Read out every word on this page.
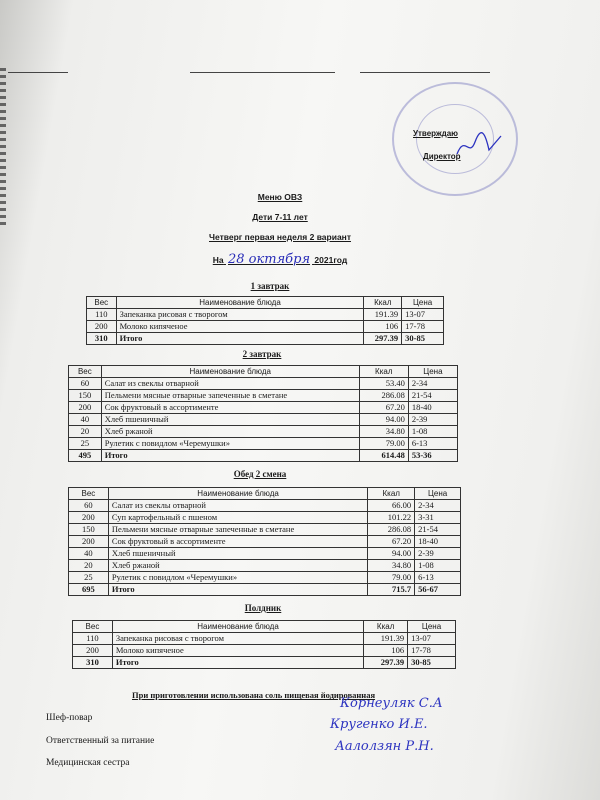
Утверждаю
Директор
Меню ОВЗ
Дети 7-11 лет
Четверг первая неделя 2 вариант
На 28 октября 2021год
1 завтрак
Вес	Наименование блюда	Ккал	Цена
110	Запеканка рисовая с творогом	191.39	13-07
200	Молоко кипяченое	106	17-78
310	Итого	297.39	30-85
2 завтрак
Вес	Наименование блюда	Ккал	Цена
60	Салат из свеклы отварной	53.40	2-34
150	Пельмени мясные отварные запеченные в сметане	286.08	21-54
200	Сок фруктовый в ассортименте	67.20	18-40
40	Хлеб пшеничный	94.00	2-39
20	Хлеб ржаной	34.80	1-08
25	Рулетик с повидлом «Черемушки»	79.00	6-13
495	Итого	614.48	53-36
Обед 2 смена
Вес	Наименование блюда	Ккал	Цена
60	Салат из свеклы отварной	66.00	2-34
200	Суп картофельный с пшеном	101.22	3-31
150	Пельмени мясные отварные запеченные в сметане	286.08	21-54
200	Сок фруктовый в ассортименте	67.20	18-40
40	Хлеб пшеничный	94.00	2-39
20	Хлеб ржаной	34.80	1-08
25	Рулетик с повидлом «Черемушки»	79.00	6-13
695	Итого	715.7	56-67
Полдник
Вес	Наименование блюда	Ккал	Цена
110	Запеканка рисовая с творогом	191.39	13-07
200	Молоко кипяченое	106	17-78
310	Итого	297.39	30-85
При приготовлении использована соль пищевая йодированная
Шеф-повар
Ответственный за питание
Медицинская сестра
Корнеуляк С.А
Кругенко И.Е.
Аалолзян Р.Н.
